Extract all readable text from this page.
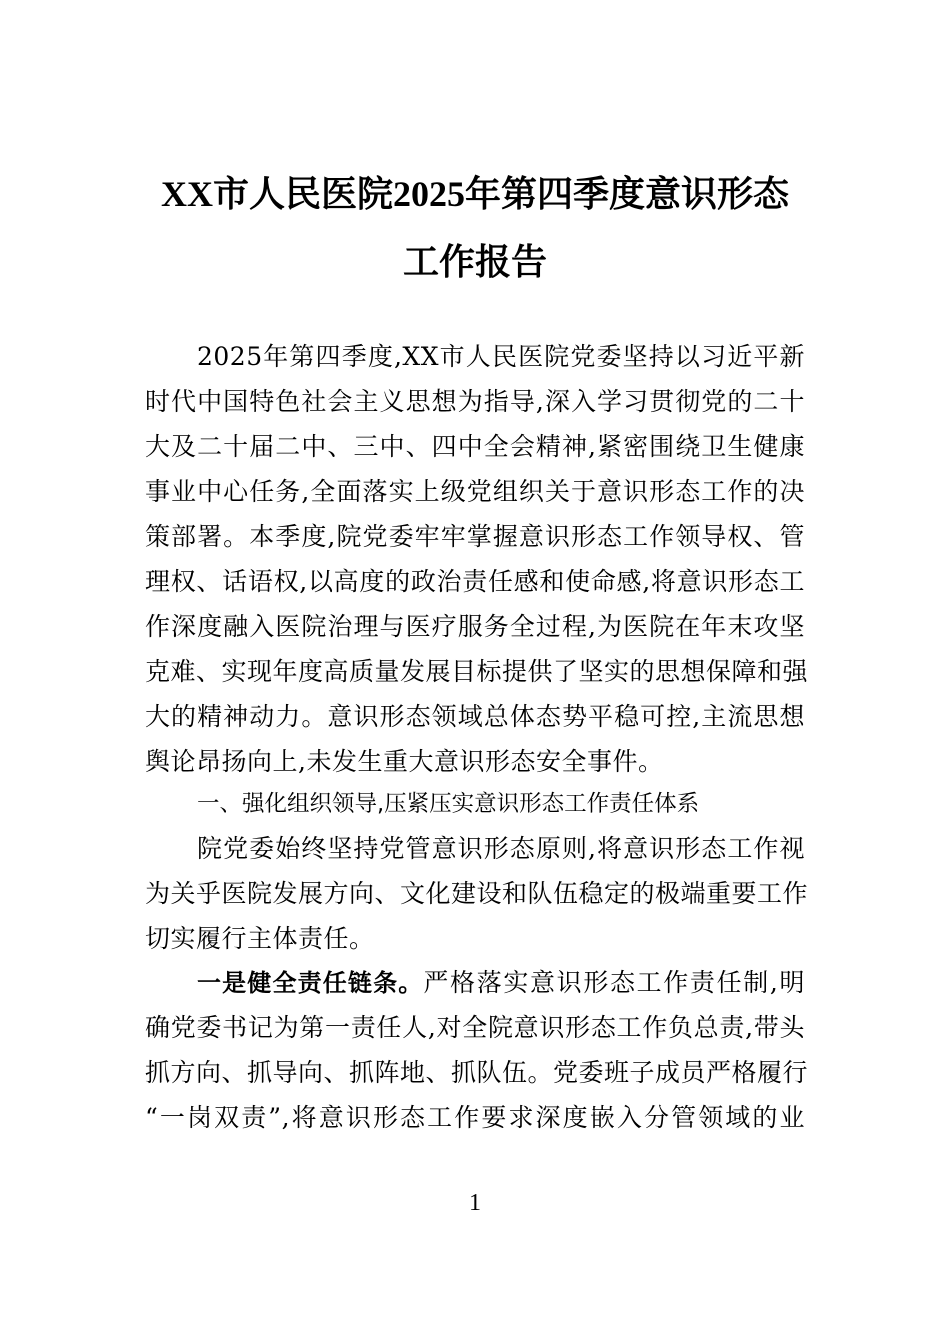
XX市人民医院2025年第四季度意识形态
工作报告
2025年第四季度,XX市人民医院党委坚持以习近平新
时代中国特色社会主义思想为指导,深入学习贯彻党的二十
大及二十届二中、三中、四中全会精神,紧密围绕卫生健康
事业中心任务,全面落实上级党组织关于意识形态工作的决
策部署。本季度,院党委牢牢掌握意识形态工作领导权、管
理权、话语权,以高度的政治责任感和使命感,将意识形态工
作深度融入医院治理与医疗服务全过程,为医院在年末攻坚
克难、实现年度高质量发展目标提供了坚实的思想保障和强
大的精神动力。意识形态领域总体态势平稳可控,主流思想
舆论昂扬向上,未发生重大意识形态安全事件。
一、强化组织领导,压紧压实意识形态工作责任体系
院党委始终坚持党管意识形态原则,将意识形态工作视
为关乎医院发展方向、文化建设和队伍稳定的极端重要工作
切实履行主体责任。
一是健全责任链条。严格落实意识形态工作责任制,明
确党委书记为第一责任人,对全院意识形态工作负总责,带头
抓方向、抓导向、抓阵地、抓队伍。党委班子成员严格履行
“一岗双责”,将意识形态工作要求深度嵌入分管领域的业
1
